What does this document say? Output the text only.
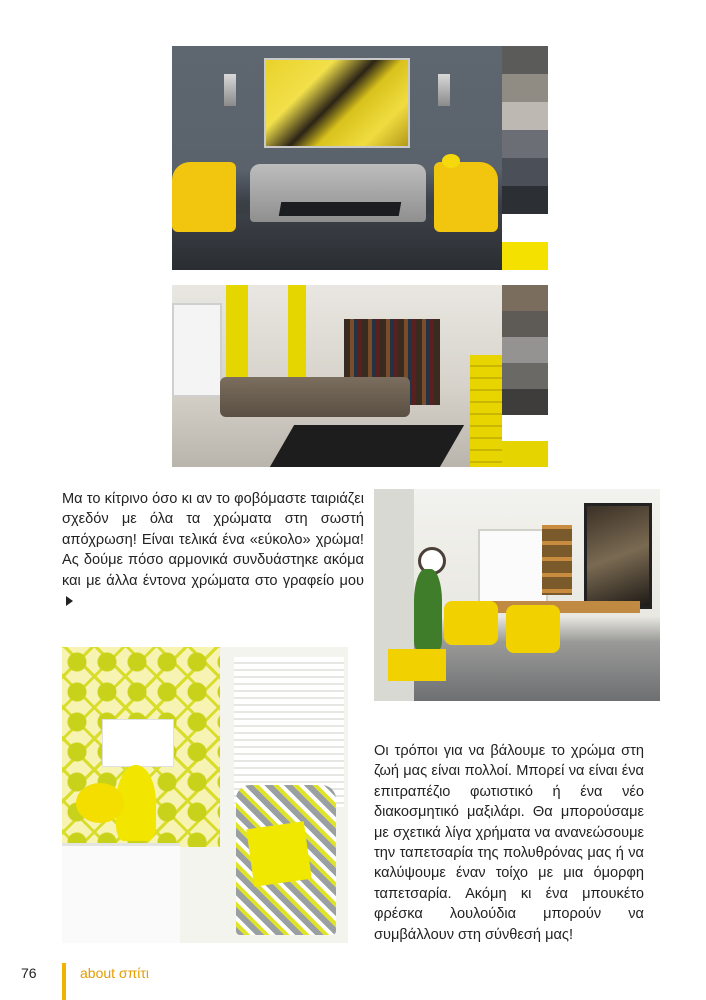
Μα το κίτρινο όσο κι αν το φοβόμαστε ταιριάζει σχεδόν με όλα τα χρώματα στη σωστή απόχρωση! Είναι τελικά ένα «εύκολο» χρώμα! Ας δούμε πόσο αρμονικά συνδυάστηκε ακόμα και με άλλα έντονα χρώματα στο γραφείο μου
Οι τρόποι για να βάλουμε το χρώμα στη ζωή μας είναι πολλοί. Μπορεί να είναι ένα επιτραπέζιο φωτιστικό ή ένα νέο διακοσμητικό μαξιλάρι. Θα μπορούσαμε με σχετικά λίγα χρήματα να ανανεώσουμε την ταπετσαρία της πολυθρόνας μας ή να καλύψουμε έναν τοίχο με μια όμορφη ταπετσαρία. Ακόμη κι ένα μπουκέτο φρέσκα λουλούδια μπορούν να συμβάλλουν στη σύνθεσή μας!
76	about σπίτι
